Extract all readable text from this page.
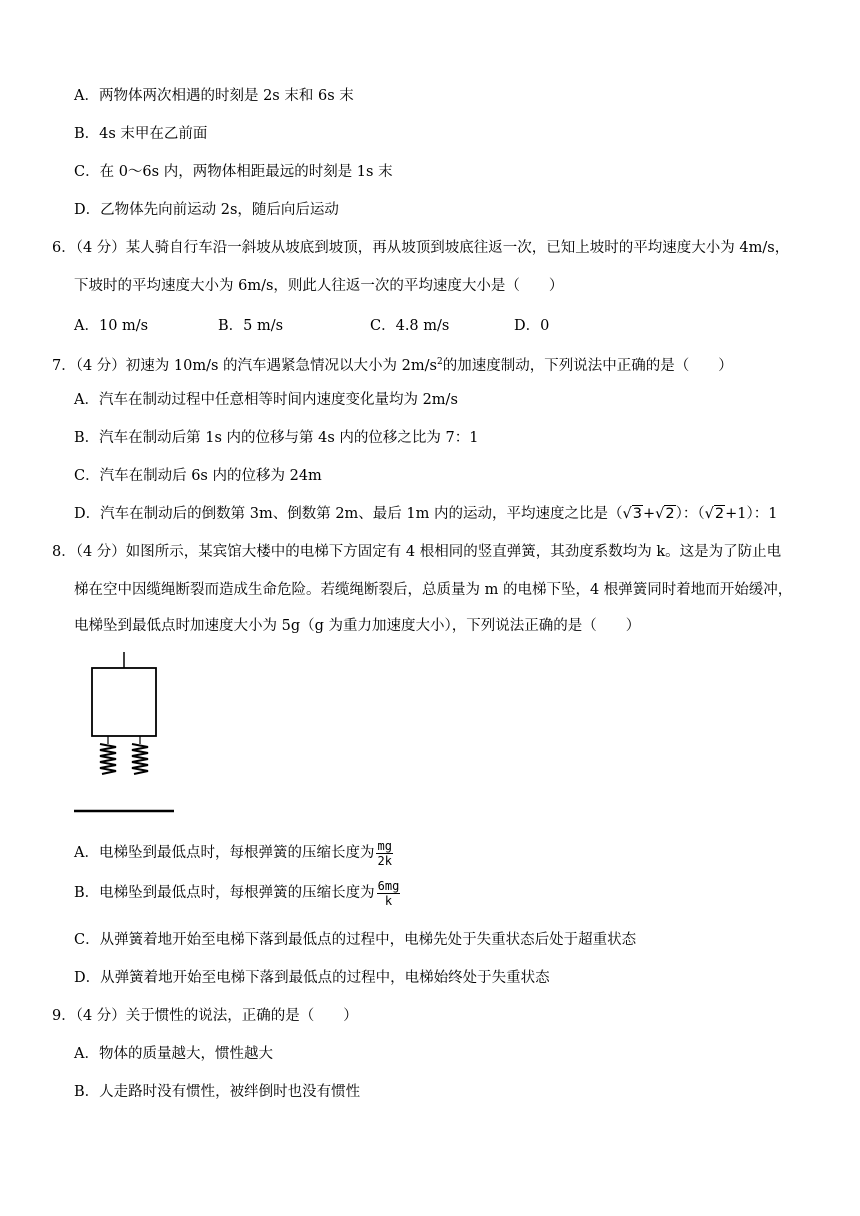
A．两物体两次相遇的时刻是 2s 末和 6s 末
B．4s 末甲在乙前面
C．在 0～6s 内，两物体相距最远的时刻是 1s 末
D．乙物体先向前运动 2s，随后向后运动
6．（4 分）某人骑自行车沿一斜坡从坡底到坡顶，再从坡顶到坡底往返一次，已知上坡时的平均速度大小为 4m/s，
下坡时的平均速度大小为 6m/s，则此人往返一次的平均速度大小是（　　）
A．10 m/s	B．5 m/s	C．4.8 m/s	D．0
7．（4 分）初速为 10m/s 的汽车遇紧急情况以大小为 $2m/s^2$的加速度制动，下列说法中正确的是（　　）
A．汽车在制动过程中任意相等时间内速度变化量均为 2m/s
B．汽车在制动后第 1s 内的位移与第 4s 内的位移之比为 7：1
C．汽车在制动后 6s 内的位移为 24m
D．汽车在制动后的倒数第 3m、倒数第 2m、最后 1m 内的运动，平均速度之比是（√3+√2）：（√2+1）：1
8．（4 分）如图所示，某宾馆大楼中的电梯下方固定有 4 根相同的竖直弹簧，其劲度系数均为 k。这是为了防止电
梯在空中因缆绳断裂而造成生命危险。若缆绳断裂后，总质量为 m 的电梯下坠，4 根弹簧同时着地而开始缓冲，
电梯坠到最低点时加速度大小为 5g（g 为重力加速度大小），下列说法正确的是（　　）
A．电梯坠到最低点时，每根弹簧的压缩长度为 $\frac{mg}{2k}$
B．电梯坠到最低点时，每根弹簧的压缩长度为 $\frac{6mg}{k}$
C．从弹簧着地开始至电梯下落到最低点的过程中，电梯先处于失重状态后处于超重状态
D．从弹簧着地开始至电梯下落到最低点的过程中，电梯始终处于失重状态
9．（4 分）关于惯性的说法，正确的是（　　）
A．物体的质量越大，惯性越大
B．人走路时没有惯性，被绊倒时也没有惯性
